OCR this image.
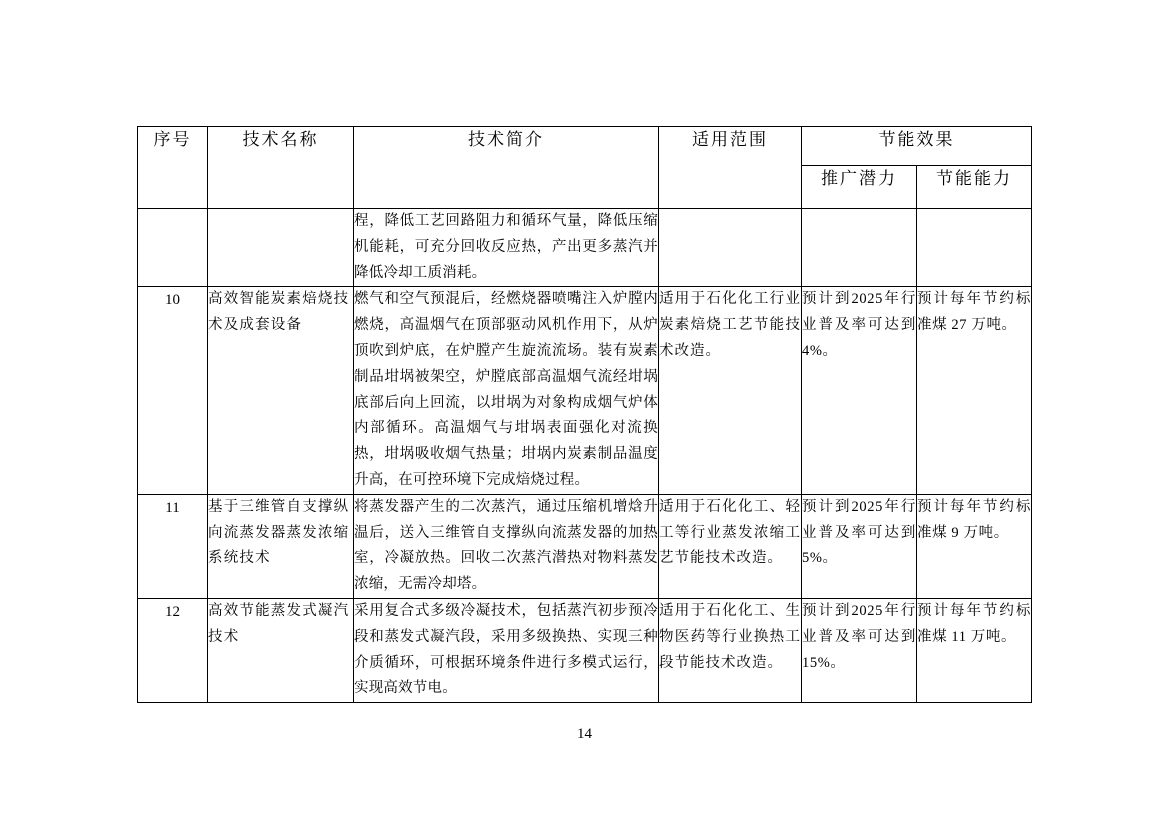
序号	技术名称	技术简介	适用范围	节能效果	
				推广潜力	节能能力
		程，降低工艺回路阻力和循环气量，降低压缩机能耗，可充分回收反应热，产出更多蒸汽并降低冷却工质消耗。			
10	高效智能炭素焙烧技术及成套设备	燃气和空气预混后，经燃烧器喷嘴注入炉膛内燃烧，高温烟气在顶部驱动风机作用下，从炉顶吹到炉底，在炉膛产生旋流流场。装有炭素制品坩埚被架空，炉膛底部高温烟气流经坩埚底部后向上回流，以坩埚为对象构成烟气炉体内部循环。高温烟气与坩埚表面强化对流换热，坩埚吸收烟气热量；坩埚内炭素制品温度升高，在可控环境下完成焙烧过程。	适用于石化化工行业炭素焙烧工艺节能技术改造。	预计到2025年行业普及率可达到4%。	预计每年节约标准煤 27 万吨。
11	基于三维管自支撑纵向流蒸发器蒸发浓缩系统技术	将蒸发器产生的二次蒸汽，通过压缩机增焓升温后，送入三维管自支撑纵向流蒸发器的加热室，冷凝放热。回收二次蒸汽潜热对物料蒸发浓缩，无需冷却塔。	适用于石化化工、轻工等行业蒸发浓缩工艺节能技术改造。	预计到2025年行业普及率可达到5%。	预计每年节约标准煤 9 万吨。
12	高效节能蒸发式凝汽技术	采用复合式多级冷凝技术，包括蒸汽初步预冷段和蒸发式凝汽段，采用多级换热、实现三种介质循环，可根据环境条件进行多模式运行，实现高效节电。	适用于石化化工、生物医药等行业换热工段节能技术改造。	预计到2025年行业普及率可达到15%。	预计每年节约标准煤 11 万吨。
14
